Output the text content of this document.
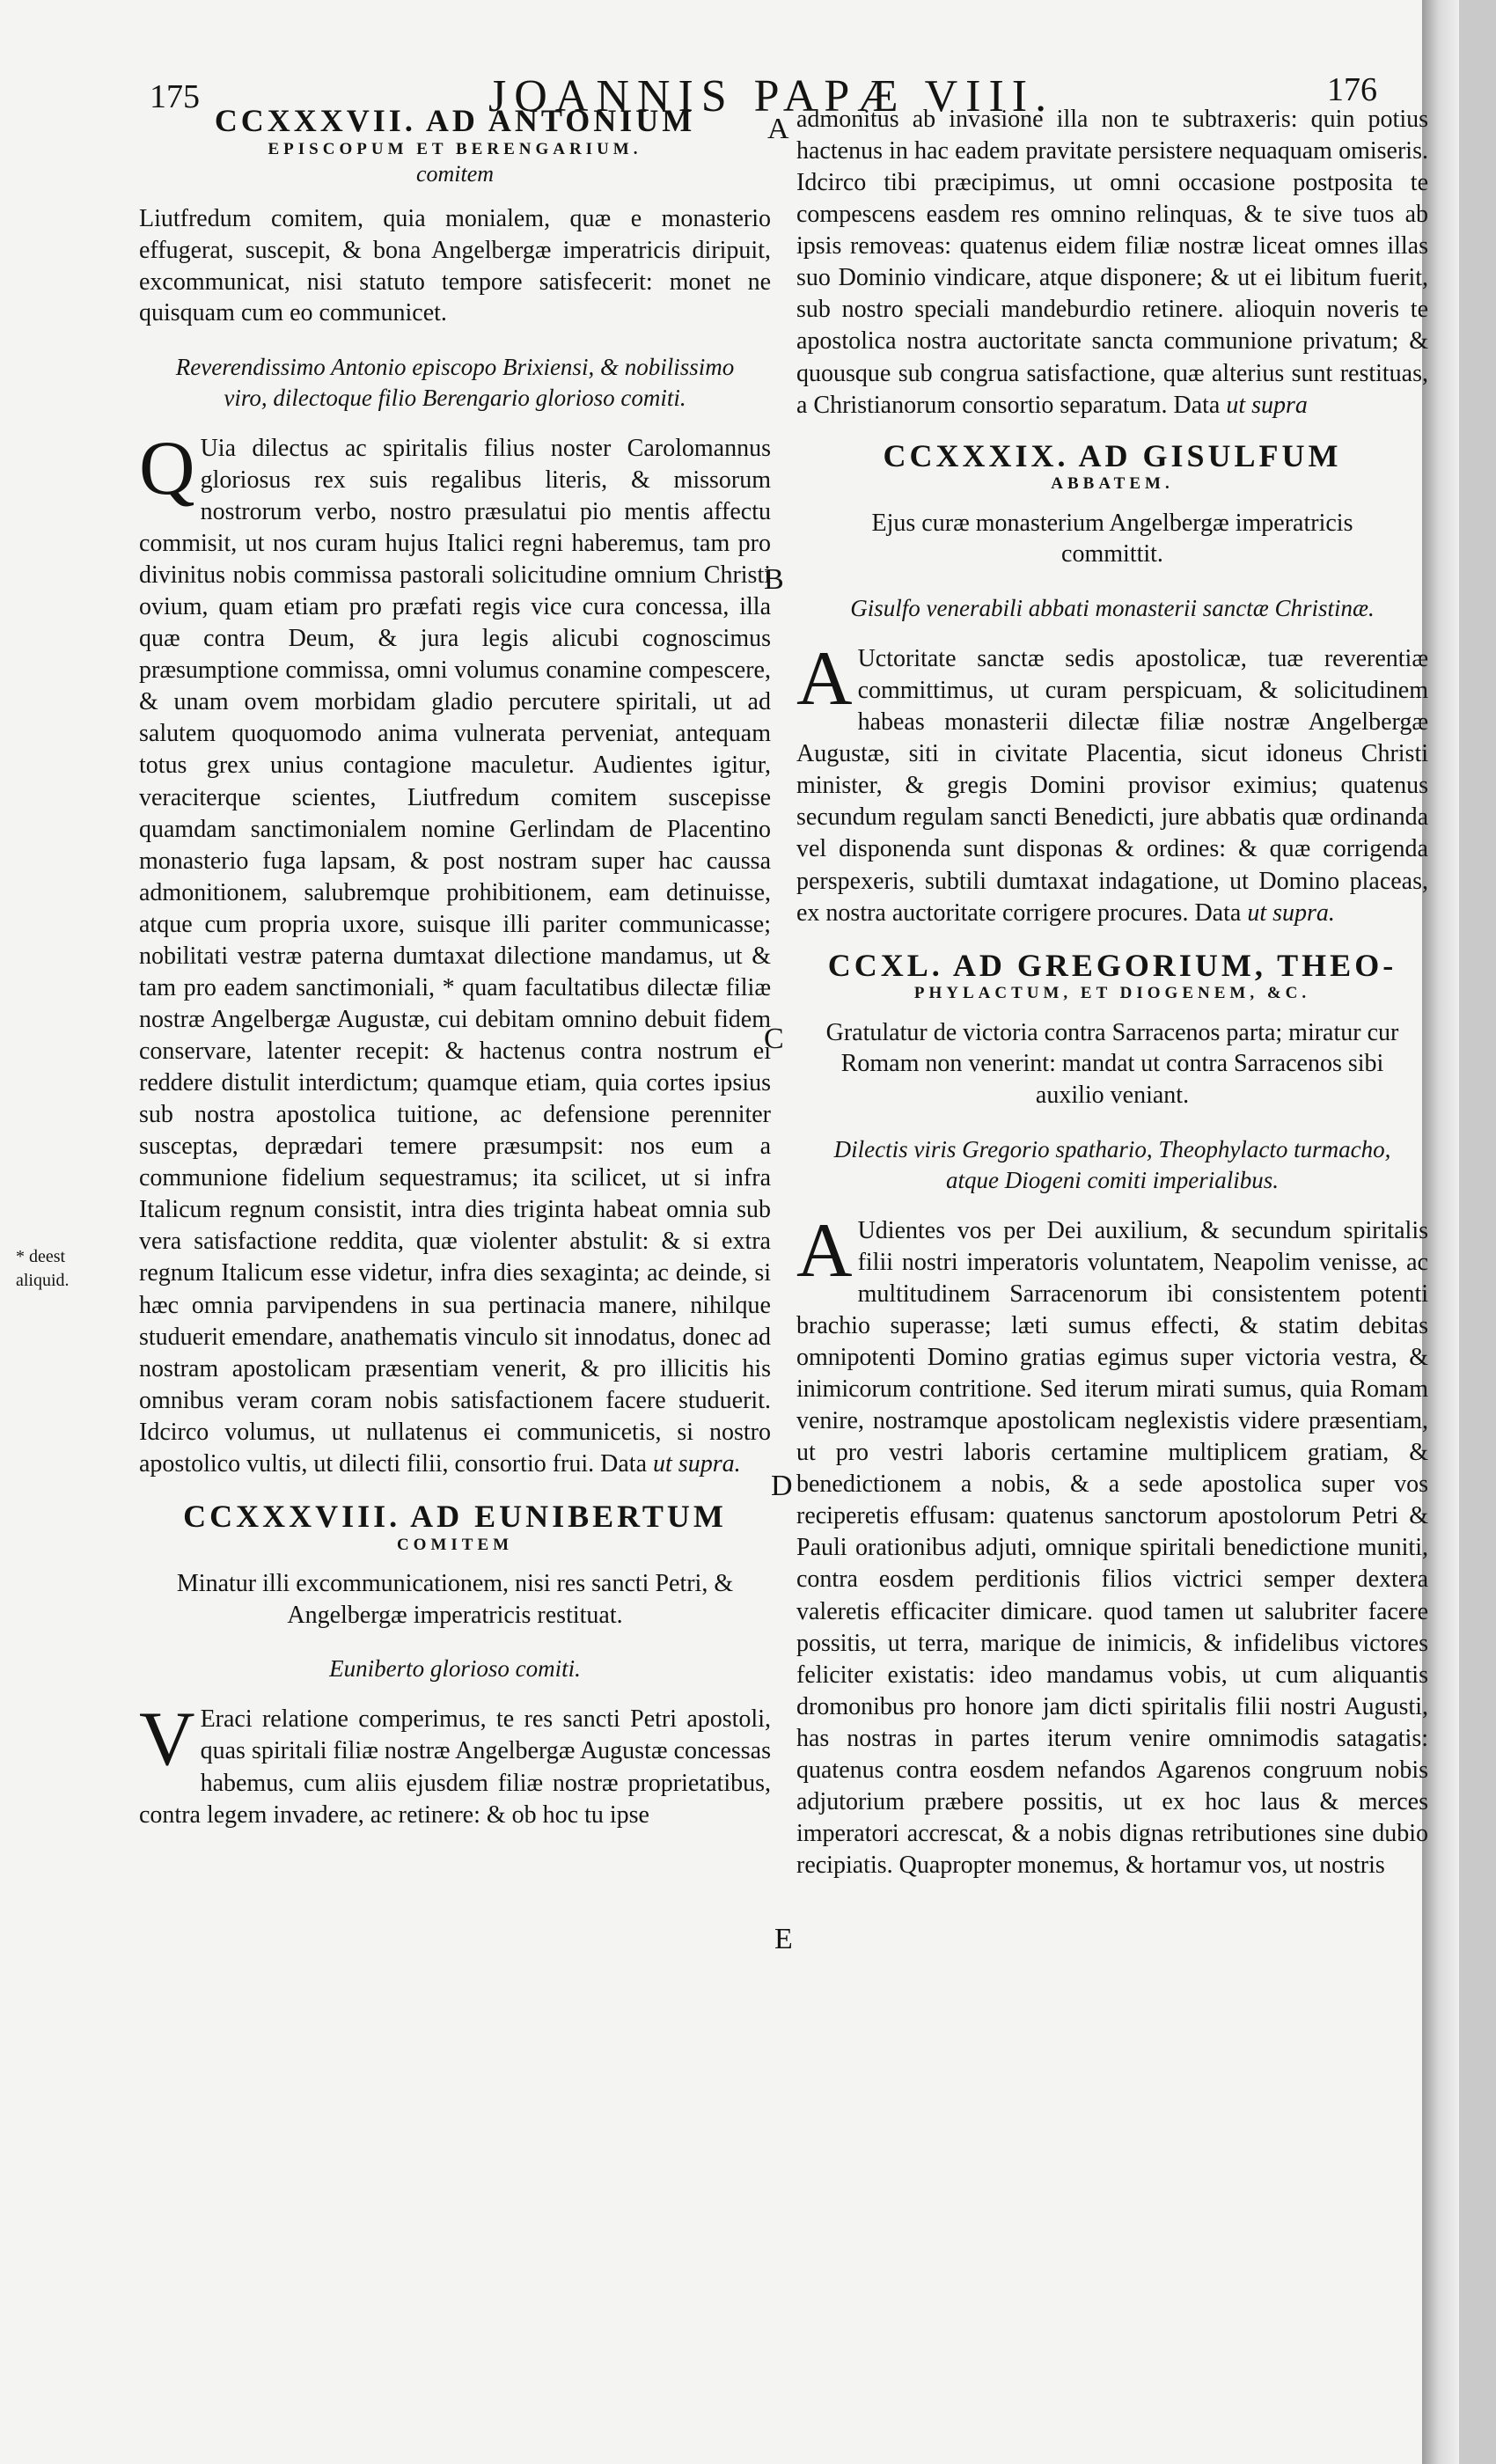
175	JOANNIS PAPÆ VIII.	176
A
B
C
D
E
* deest aliquid.
CCXXXVII. AD ANTONIUM

EPISCOPUM ET BERENGARIUM.

comitem

Liutfredum comitem, quia monialem, quæ e monasterio effugerat, suscepit, & bona Angelbergæ imperatricis diripuit, excommunicat, nisi statuto tempore satisfecerit: monet ne quisquam cum eo communicet.

Reverendissimo Antonio episcopo Brixiensi, & nobilissimo viro, dilectoque filio Berengario glorioso comiti.

Q Uia dilectus ac spiritalis filius noster Carolomannus gloriosus rex suis regalibus literis, & missorum nostrorum verbo, nostro præsulatui pio mentis affectu commisit, ut nos curam hujus Italici regni haberemus, tam pro divinitus nobis commissa pastorali solicitudine omnium Christi ovium, quam etiam pro præfati regis vice cura concessa, illa quæ contra Deum, & jura legis alicubi cognoscimus præsumptione commissa, omni volumus conamine compescere, & unam ovem morbidam gladio percutere spiritali, ut ad salutem quoquomodo anima vulnerata perveniat, antequam totus grex unius contagione maculetur. Audientes igitur, veraciterque scientes, Liutfredum comitem suscepisse quamdam sanctimonialem nomine Gerlindam de Placentino monasterio fuga lapsam, & post nostram super hac caussa admonitionem, salubremque prohibitionem, eam detinuisse, atque cum propria uxore, suisque illi pariter communicasse; nobilitati vestræ paterna dumtaxat dilectione mandamus, ut & tam pro eadem sanctimoniali, * quam facultatibus dilectæ filiæ nostræ Angelbergæ Augustæ, cui debitam omnino debuit fidem conservare, latenter recepit: & hactenus contra nostrum ei reddere distulit interdictum; quamque etiam, quia cortes ipsius sub nostra apostolica tuitione, ac defensione perenniter susceptas, deprædari temere præsumpsit: nos eum a communione fidelium sequestramus; ita scilicet, ut si infra Italicum regnum consistit, intra dies triginta habeat omnia sub vera satisfactione reddita, quæ violenter abstulit: & si extra regnum Italicum esse videtur, infra dies sexaginta; ac deinde, si hæc omnia parvipendens in sua pertinacia manere, nihilque studuerit emendare, anathematis vinculo sit innodatus, donec ad nostram apostolicam præsentiam venerit, & pro illicitis his omnibus veram coram nobis satisfactionem facere studuerit. Idcirco volumus, ut nullatenus ei communicetis, si nostro apostolico vultis, ut dilecti filii, consortio frui. Data ut supra.

CCXXXVIII. AD EUNIBERTUM

COMITEM

Minatur illi excommunicationem, nisi res sancti Petri, & Angelbergæ imperatricis restituat.

Euniberto glorioso comiti.

V Eraci relatione comperimus, te res sancti Petri apostoli, quas spiritali filiæ nostræ Angelbergæ Augustæ concessas habemus, cum aliis ejusdem filiæ nostræ proprietatibus, contra legem invadere, ac retinere: & ob hoc tu ipse

admonitus ab invasione illa non te subtraxeris: quin potius hactenus in hac eadem pravitate persistere nequaquam omiseris. Idcirco tibi præcipimus, ut omni occasione postposita te compescens easdem res omnino relinquas, & te sive tuos ab ipsis removeas: quatenus eidem filiæ nostræ liceat omnes illas suo Dominio vindicare, atque disponere; & ut ei libitum fuerit, sub nostro speciali mandeburdio retinere. alioquin noveris te apostolica nostra auctoritate sancta communione privatum; & quousque sub congrua satisfactione, quæ alterius sunt restituas, a Christianorum consortio separatum. Data ut supra

CCXXXIX. AD GISULFUM

ABBATEM.

Ejus curæ monasterium Angelbergæ imperatricis committit.

Gisulfo venerabili abbati monasterii sanctæ Christinæ.

A Uctoritate sanctæ sedis apostolicæ, tuæ reverentiæ committimus, ut curam perspicuam, & solicitudinem habeas monasterii dilectæ filiæ nostræ Angelbergæ Augustæ, siti in civitate Placentia, sicut idoneus Christi minister, & gregis Domini provisor eximius; quatenus secundum regulam sancti Benedicti, jure abbatis quæ ordinanda vel disponenda sunt disponas & ordines: & quæ corrigenda perspexeris, subtili dumtaxat indagatione, ut Domino placeas, ex nostra auctoritate corrigere procures. Data ut supra.

CCXL. AD GREGORIUM, THEO-

PHYLACTUM, ET DIOGENEM, &C.

Gratulatur de victoria contra Sarracenos parta; miratur cur Romam non venerint: mandat ut contra Sarracenos sibi auxilio veniant.

Dilectis viris Gregorio spathario, Theophylacto turmacho, atque Diogeni comiti imperialibus.

A Udientes vos per Dei auxilium, & secundum spiritalis filii nostri imperatoris voluntatem, Neapolim venisse, ac multitudinem Sarracenorum ibi consistentem potenti brachio superasse; læti sumus effecti, & statim debitas omnipotenti Domino gratias egimus super victoria vestra, & inimicorum contritione. Sed iterum mirati sumus, quia Romam venire, nostramque apostolicam neglexistis videre præsentiam, ut pro vestri laboris certamine multiplicem gratiam, & benedictionem a nobis, & a sede apostolica super vos reciperetis effusam: quatenus sanctorum apostolorum Petri & Pauli orationibus adjuti, omnique spiritali benedictione muniti, contra eosdem perditionis filios victrici semper dextera valeretis efficaciter dimicare. quod tamen ut salubriter facere possitis, ut terra, marique de inimicis, & infidelibus victores feliciter existatis: ideo mandamus vobis, ut cum aliquantis dromonibus pro honore jam dicti spiritalis filii nostri Augusti, has nostras in partes iterum venire omnimodis satagatis: quatenus contra eosdem nefandos Agarenos congruum nobis adjutorium præbere possitis, ut ex hoc laus & merces imperatori accrescat, & a nobis dignas retributiones sine dubio recipiatis. Quapropter monemus, & hortamur vos, ut nostris
